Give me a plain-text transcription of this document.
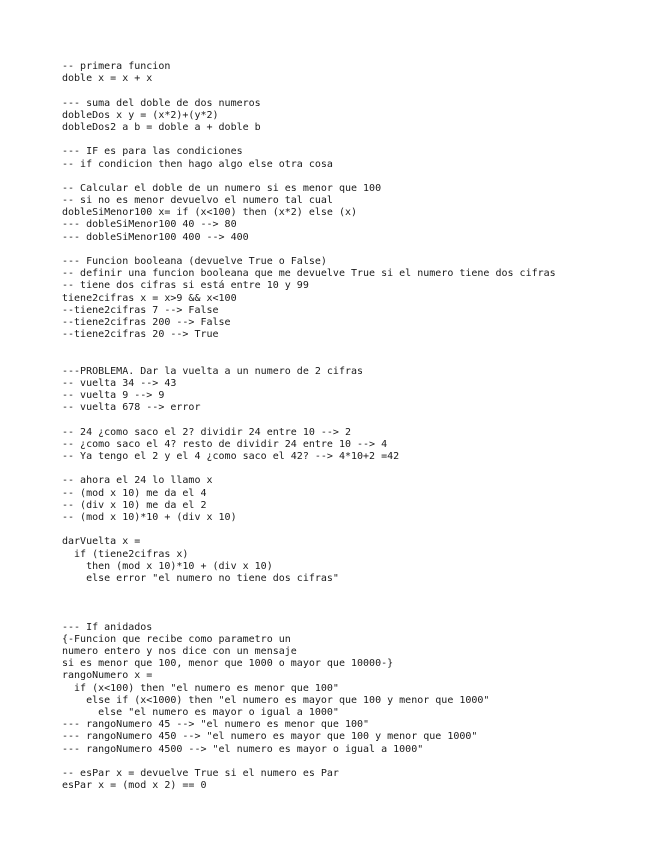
-- primera funcion
doble x = x + x
--- suma del doble de dos numeros
dobleDos x y = (x*2)+(y*2)
dobleDos2 a b = doble a + doble b
--- IF es para las condiciones
-- if condicion then hago algo else otra cosa
-- Calcular el doble de un numero si es menor que 100
-- si no es menor devuelvo el numero tal cual
dobleSiMenor100 x= if (x<100) then (x*2) else (x)
--- dobleSiMenor100 40 --> 80
--- dobleSiMenor100 400 --> 400
--- Funcion booleana (devuelve True o False)
-- definir una funcion booleana que me devuelve True si el numero tiene dos cifras
-- tiene dos cifras si está entre 10 y 99
tiene2cifras x = x>9 && x<100
--tiene2cifras 7 --> False
--tiene2cifras 200 --> False
--tiene2cifras 20 --> True
---PROBLEMA. Dar la vuelta a un numero de 2 cifras
-- vuelta 34 --> 43
-- vuelta 9 --> 9
-- vuelta 678 --> error
-- 24 ¿como saco el 2? dividir 24 entre 10 --> 2
-- ¿como saco el 4? resto de dividir 24 entre 10 --> 4
-- Ya tengo el 2 y el 4 ¿como saco el 42? --> 4*10+2 =42
-- ahora el 24 lo llamo x
-- (mod x 10) me da el 4
-- (div x 10) me da el 2
-- (mod x 10)*10 + (div x 10)
darVuelta x =
if (tiene2cifras x)
then (mod x 10)*10 + (div x 10)
else error "el numero no tiene dos cifras"
--- If anidados
{-Funcion que recibe como parametro un
numero entero y nos dice con un mensaje
si es menor que 100, menor que 1000 o mayor que 10000-}
rangoNumero x =
if (x<100) then "el numero es menor que 100"
else if (x<1000) then "el numero es mayor que 100 y menor que 1000"
else "el numero es mayor o igual a 1000"
--- rangoNumero 45 --> "el numero es menor que 100"
--- rangoNumero 450 --> "el numero es mayor que 100 y menor que 1000"
--- rangoNumero 4500 --> "el numero es mayor o igual a 1000"
-- esPar x = devuelve True si el numero es Par
esPar x = (mod x 2) == 0
